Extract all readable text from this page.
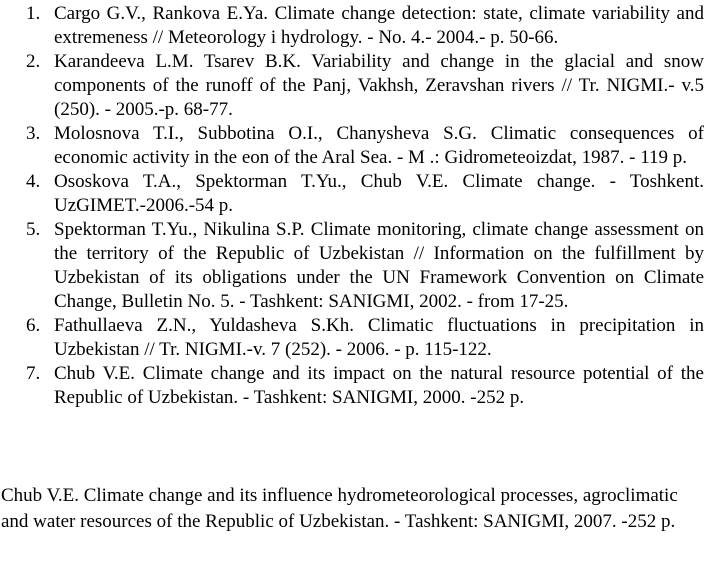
1. Cargo G.V., Rankova E.Ya. Climate change detection: state, climate variability and extremeness // Meteorology i hydrology. - No. 4.- 2004.- p. 50-66.
2. Karandeeva L.M. Tsarev B.K. Variability and change in the glacial and snow components of the runoff of the Panj, Vakhsh, Zeravshan rivers // Tr. NIGMI.- v.5 (250). - 2005.-p. 68-77.
3. Molosnova T.I., Subbotina O.I., Chanysheva S.G. Climatic consequences of economic activity in the eon of the Aral Sea. - M .: Gidrometeoizdat, 1987. - 119 p.
4. Ososkova T.A., Spektorman T.Yu., Chub V.E. Climate change. - Toshkent. UzGIMET.-2006.-54 p.
5. Spektorman T.Yu., Nikulina S.P. Climate monitoring, climate change assessment on the territory of the Republic of Uzbekistan // Information on the fulfillment by Uzbekistan of its obligations under the UN Framework Convention on Climate Change, Bulletin No. 5. - Tashkent: SANIGMI, 2002. - from 17-25.
6. Fathullaeva Z.N., Yuldasheva S.Kh. Climatic fluctuations in precipitation in Uzbekistan // Tr. NIGMI.-v. 7 (252). - 2006. - p. 115-122.
7. Chub V.E. Climate change and its impact on the natural resource potential of the Republic of Uzbekistan. - Tashkent: SANIGMI, 2000. -252 p.

Chub V.E. Climate change and its influence hydrometeorological processes, agroclimatic and water resources of the Republic of Uzbekistan. - Tashkent: SANIGMI, 2007. -252 p.
